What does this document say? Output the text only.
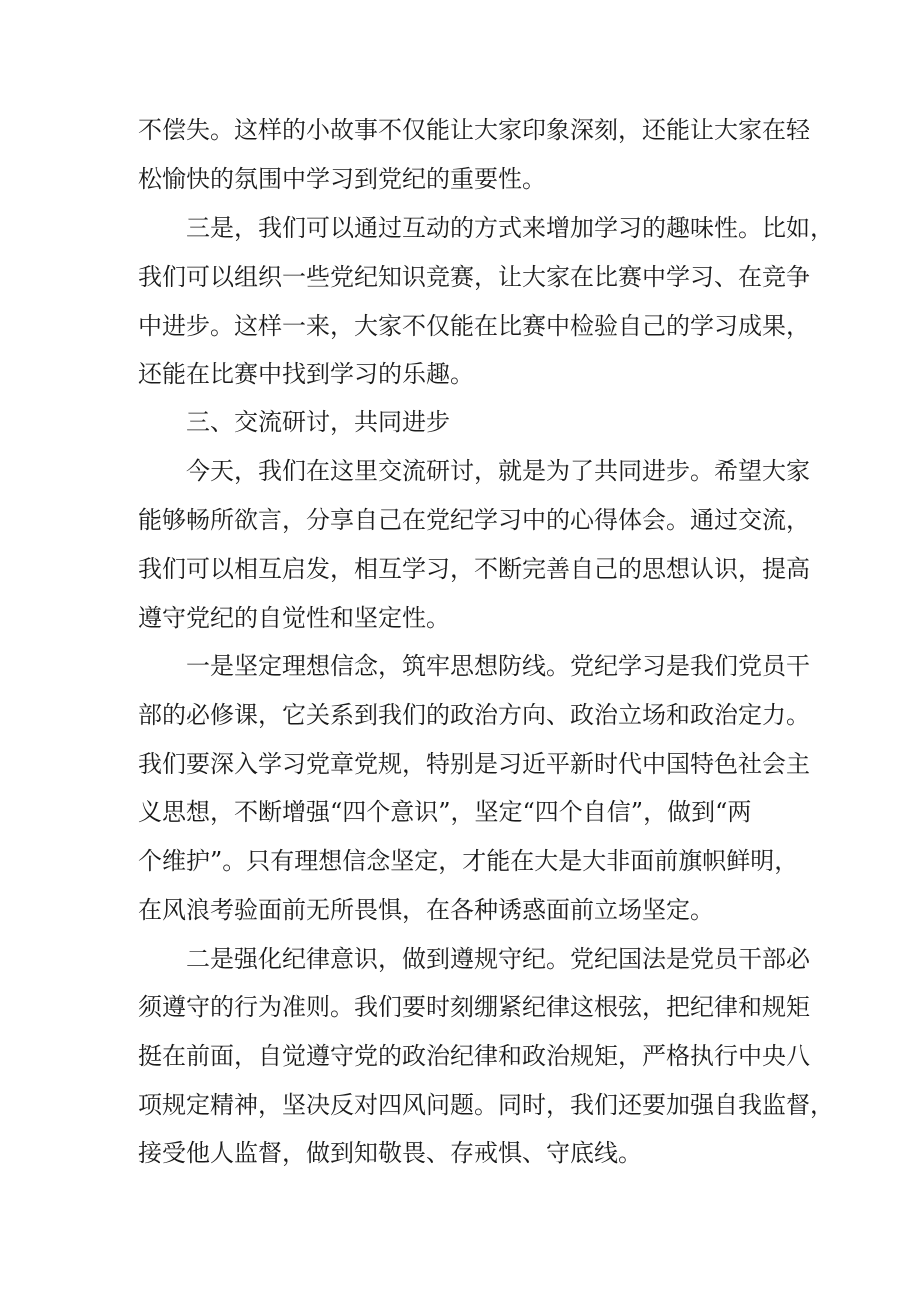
不偿失。这样的小故事不仅能让大家印象深刻，还能让大家在轻
松愉快的氛围中学习到党纪的重要性。
三是，我们可以通过互动的方式来增加学习的趣味性。比如，
我们可以组织一些党纪知识竞赛，让大家在比赛中学习、在竞争
中进步。这样一来，大家不仅能在比赛中检验自己的学习成果，
还能在比赛中找到学习的乐趣。
三、交流研讨，共同进步
今天，我们在这里交流研讨，就是为了共同进步。希望大家
能够畅所欲言，分享自己在党纪学习中的心得体会。通过交流，
我们可以相互启发，相互学习，不断完善自己的思想认识，提高
遵守党纪的自觉性和坚定性。
一是坚定理想信念，筑牢思想防线。党纪学习是我们党员干
部的必修课，它关系到我们的政治方向、政治立场和政治定力。
我们要深入学习党章党规，特别是习近平新时代中国特色社会主
义思想，不断增强“四个意识”，坚定“四个自信”，做到“两
个维护”。只有理想信念坚定，才能在大是大非面前旗帜鲜明，
在风浪考验面前无所畏惧，在各种诱惑面前立场坚定。
二是强化纪律意识，做到遵规守纪。党纪国法是党员干部必
须遵守的行为准则。我们要时刻绷紧纪律这根弦，把纪律和规矩
挺在前面，自觉遵守党的政治纪律和政治规矩，严格执行中央八
项规定精神，坚决反对四风问题。同时，我们还要加强自我监督，
接受他人监督，做到知敬畏、存戒惧、守底线。
